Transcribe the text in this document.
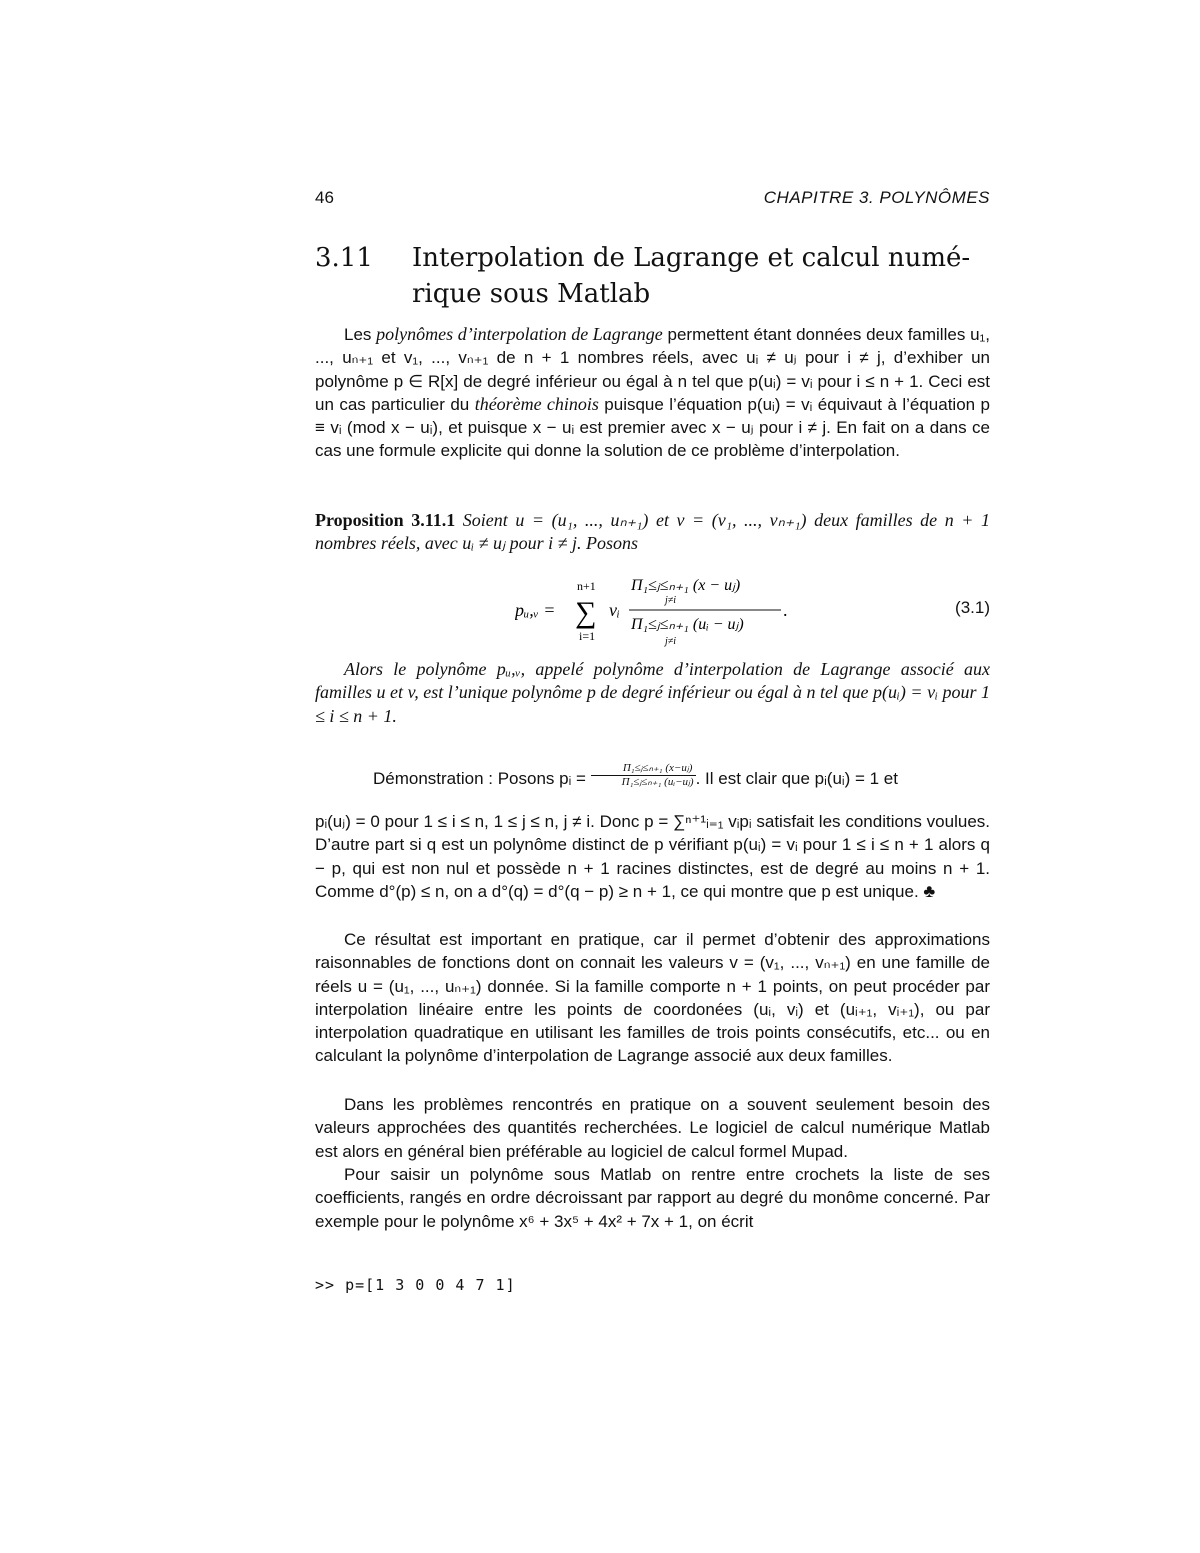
46	CHAPITRE 3. POLYNÔMES
3.11 Interpolation de Lagrange et calcul numé-rique sous Matlab
Les polynômes d’interpolation de Lagrange permettent étant données deux familles u₁, ..., uₙ₊₁ et v₁, ..., vₙ₊₁ de n + 1 nombres réels, avec uᵢ ≠ uⱼ pour i ≠ j, d’exhiber un polynôme p ∈ R[x] de degré inférieur ou égal à n tel que p(uᵢ) = vᵢ pour i ≤ n + 1. Ceci est un cas particulier du théorème chinois puisque l’équation p(uᵢ) = vᵢ équivaut à l’équation p ≡ vᵢ (mod x − uᵢ), et puisque x − uᵢ est premier avec x − uⱼ pour i ≠ j. En fait on a dans ce cas une formule explicite qui donne la solution de ce problème d’interpolation.
Proposition 3.11.1 Soient u = (u₁, ..., uₙ₊₁) et v = (v₁, ..., vₙ₊₁) deux familles de n + 1 nombres réels, avec uᵢ ≠ uⱼ pour i ≠ j. Posons
pᵤ,ᵥ =
n+1
∑
i=1
vᵢ
Π₁≤ⱼ≤ₙ₊₁ (x − uⱼ)
j≠i
Π₁≤ⱼ≤ₙ₊₁ (uᵢ − uⱼ)
j≠i
.	(3.1)
Alors le polynôme pᵤ,ᵥ, appelé polynôme d’interpolation de Lagrange associé aux familles u et v, est l’unique polynôme p de degré inférieur ou égal à n tel que p(uᵢ) = vᵢ pour 1 ≤ i ≤ n + 1.
Démonstration : Posons pᵢ = $\frac{\text{Π₁≤ⱼ≤ₙ₊₁ (x−uⱼ)}}{\text{Π₁≤ⱼ≤ₙ₊₁ (uᵢ−uⱼ)}}$ . Il est clair que pᵢ(uᵢ) = 1 et
pᵢ(uⱼ) = 0 pour 1 ≤ i ≤ n, 1 ≤ j ≤ n, j ≠ i. Donc p = ∑ⁿ⁺¹ᵢ₌₁ vᵢpᵢ satisfait les conditions voulues. D’autre part si q est un polynôme distinct de p vérifiant p(uᵢ) = vᵢ pour 1 ≤ i ≤ n + 1 alors q − p, qui est non nul et possède n + 1 racines distinctes, est de degré au moins n + 1. Comme d°(p) ≤ n, on a d°(q) = d°(q − p) ≥ n + 1, ce qui montre que p est unique. ♣
Ce résultat est important en pratique, car il permet d’obtenir des approximations raisonnables de fonctions dont on connait les valeurs v = (v₁, ..., vₙ₊₁) en une famille de réels u = (u₁, ..., uₙ₊₁) donnée. Si la famille comporte n + 1 points, on peut procéder par interpolation linéaire entre les points de coordonées (uᵢ, vᵢ) et (uᵢ₊₁, vᵢ₊₁), ou par interpolation quadratique en utilisant les familles de trois points consécutifs, etc... ou en calculant la polynôme d’interpolation de Lagrange associé aux deux familles.
Dans les problèmes rencontrés en pratique on a souvent seulement besoin des valeurs approchées des quantités recherchées. Le logiciel de calcul numérique Matlab est alors en général bien préférable au logiciel de calcul formel Mupad.
Pour saisir un polynôme sous Matlab on rentre entre crochets la liste de ses coefficients, rangés en ordre décroissant par rapport au degré du monôme concerné. Par exemple pour le polynôme x⁶ + 3x⁵ + 4x² + 7x + 1, on écrit
>> p=[1 3 0 0 4 7 1]
